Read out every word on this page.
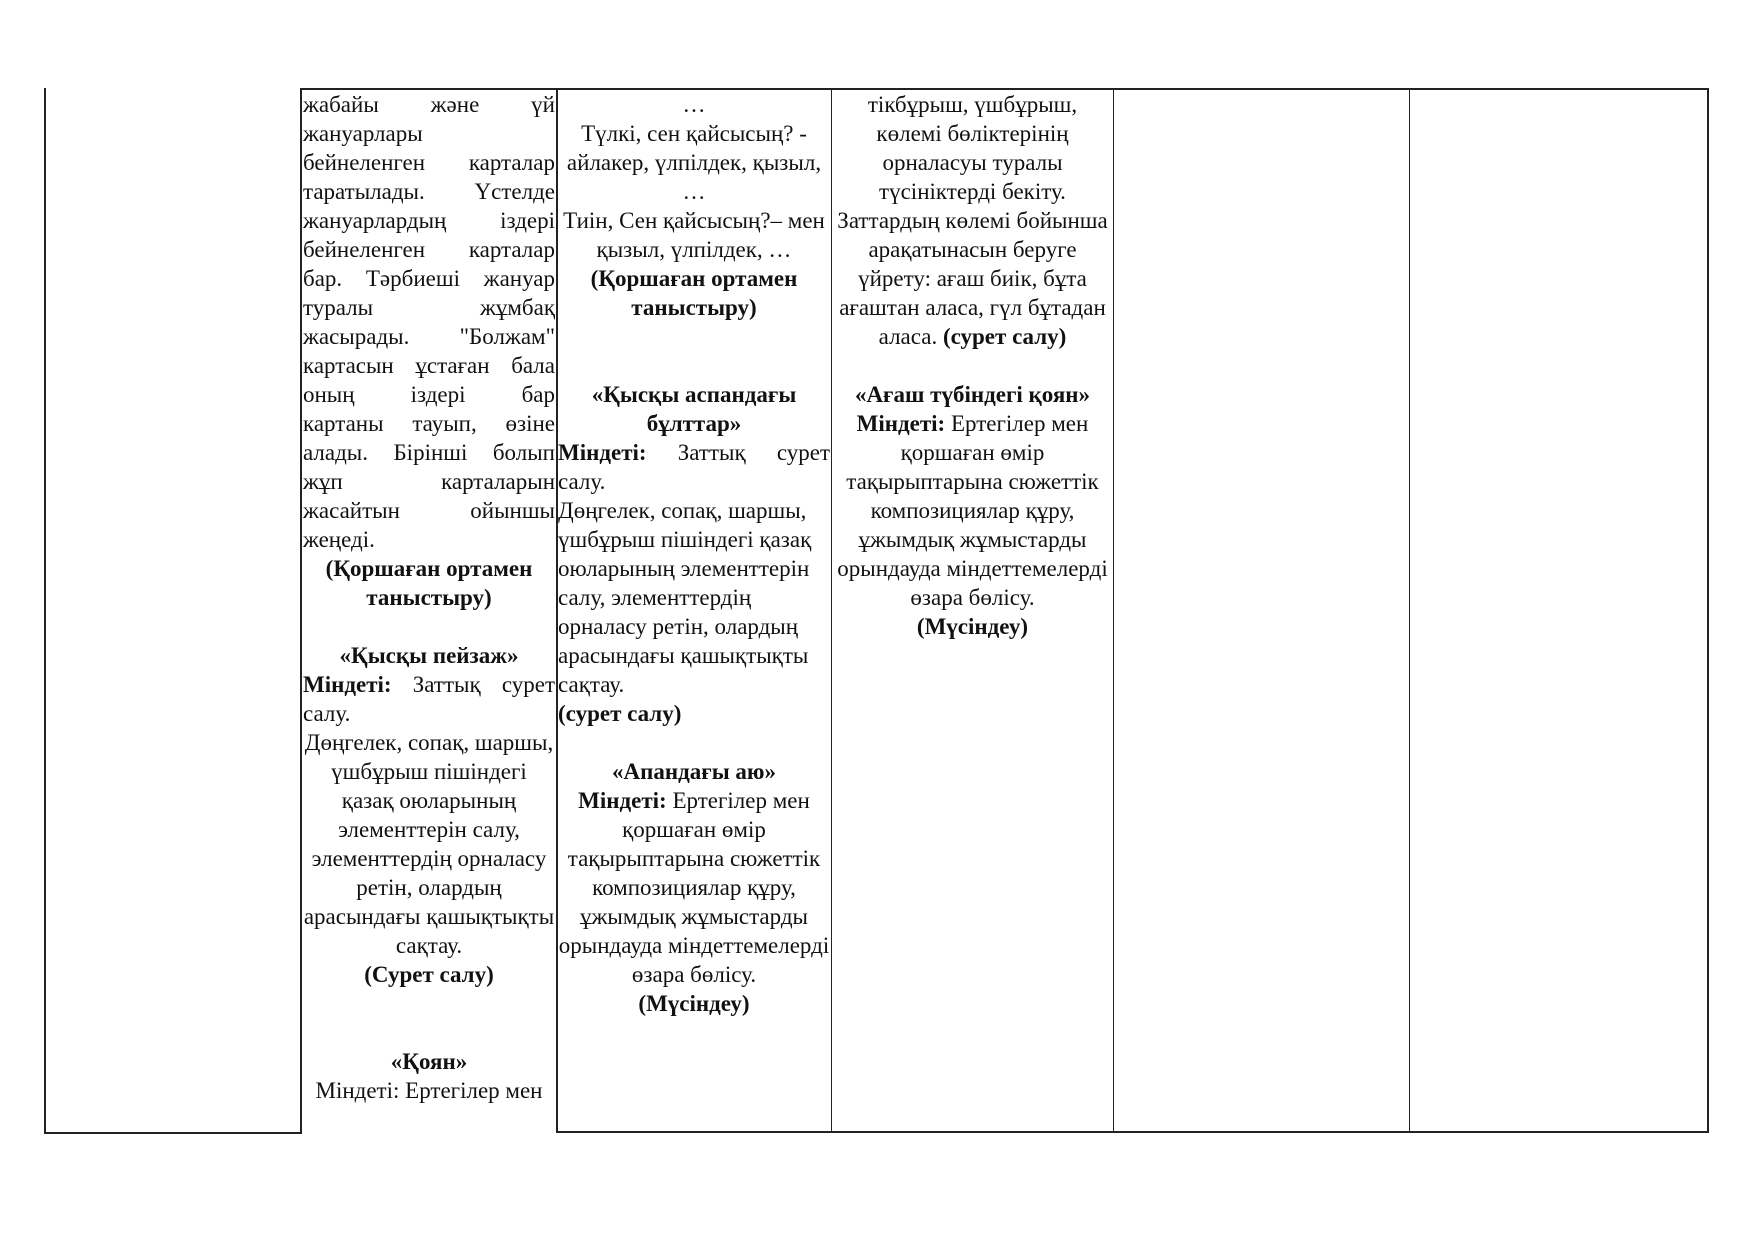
жабайы және үй

жануарлары

бейнеленген карталар

таратылады. Үстелде

жануарлардың іздері

бейнеленген карталар

бар. Тәрбиеші жануар

туралы жұмбақ

жасырады. "Болжам"

картасын ұстаған бала

оның іздері бар

картаны тауып, өзіне

алады. Бірінші болып

жұп карталарын

жасайтын ойыншы

жеңеді.

(Қоршаған ортамен таныстыру)

«Қысқы пейзаж»

Міндеті: Заттық сурет салу.

Дөңгелек, сопақ, шаршы, үшбұрыш пішіндегі қазақ оюларының элементтерін салу, элементтердің орналасу ретін, олардың арасындағы қашықтықты сақтау.

(Сурет салу)

«Қоян»

Міндеті: Ертегілер мен

…

Түлкі, сен қайсысың? - айлакер, үлпілдек, қызыл, …

Тиін, Сен қайсысың?– мен қызыл, үлпілдек, …

(Қоршаған ортамен таныстыру)

«Қысқы аспандағы бұлттар»

Міндеті: Заттық сурет

салу.

Дөңгелек, сопақ, шаршы, үшбұрыш пішіндегі қазақ оюларының элементтерін салу, элементтердің орналасу ретін, олардың арасындағы қашықтықты сақтау.

(сурет салу)

«Апандағы аю»

Міндеті: Ертегілер мен қоршаған өмір тақырыптарына сюжеттік композициялар құру, ұжымдық жұмыстарды орындауда міндеттемелерді өзара бөлісу.

(Мүсіндеу)

тікбұрыш, үшбұрыш, көлемі бөліктерінің орналасуы туралы түсініктерді бекіту.

Заттардың көлемі бойынша арақатынасын беруге үйрету: ағаш биік, бұта ағаштан аласа, гүл бұтадан аласа. (сурет салу)

«Ағаш түбіндегі қоян»

Міндеті: Ертегілер мен қоршаған өмір тақырыптарына сюжеттік композициялар құру, ұжымдық жұмыстарды орындауда міндеттемелерді өзара бөлісу.

(Мүсіндеу)
